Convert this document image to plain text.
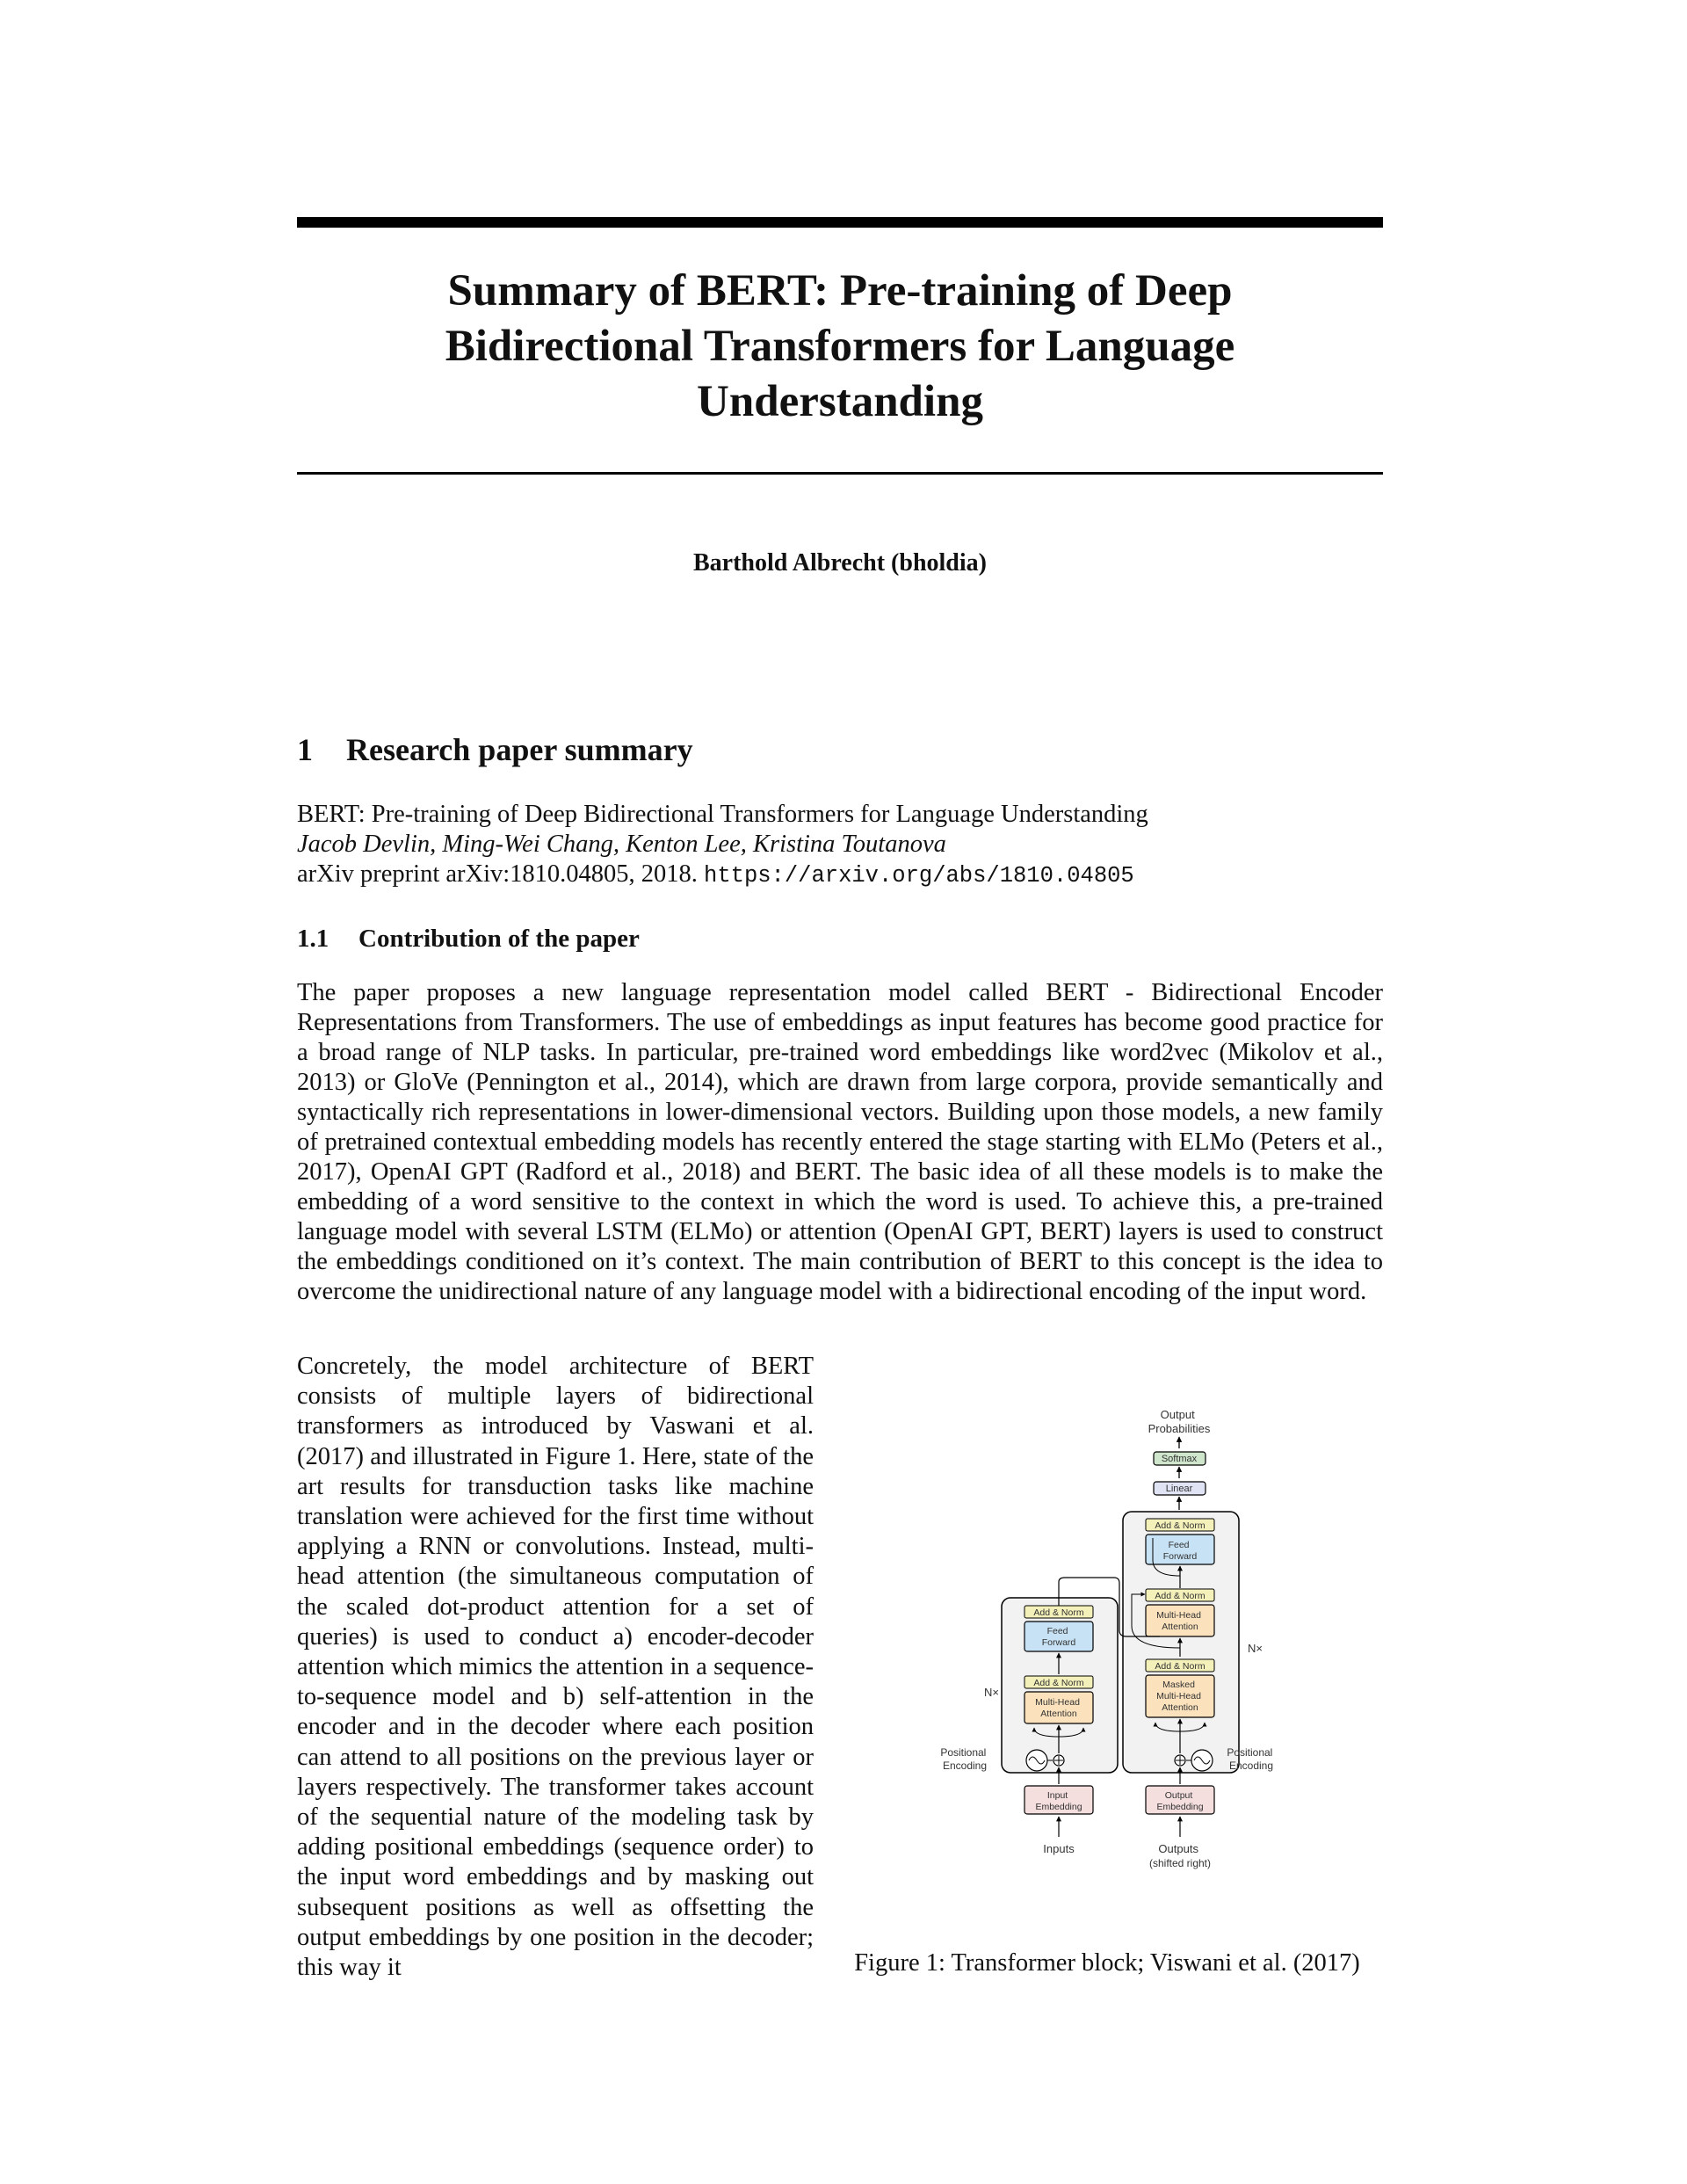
Summary of BERT: Pre-training of Deep
Bidirectional Transformers for Language
Understanding
Barthold Albrecht (bholdia)
1 Research paper summary
BERT: Pre-training of Deep Bidirectional Transformers for Language Understanding
Jacob Devlin, Ming-Wei Chang, Kenton Lee, Kristina Toutanova
arXiv preprint arXiv:1810.04805, 2018. https://arxiv.org/abs/1810.04805
1.1 Contribution of the paper
The paper proposes a new language representation model called BERT - Bidirectional Encoder Representations from Transformers. The use of embeddings as input features has become good practice for a broad range of NLP tasks. In particular, pre-trained word embeddings like word2vec (Mikolov et al., 2013) or GloVe (Pennington et al., 2014), which are drawn from large corpora, provide semantically and syntactically rich representations in lower-dimensional vectors. Building upon those models, a new family of pretrained contextual embedding models has recently entered the stage starting with ELMo (Peters et al., 2017), OpenAI GPT (Radford et al., 2018) and BERT. The basic idea of all these models is to make the embedding of a word sensitive to the context in which the word is used. To achieve this, a pre-trained language model with several LSTM (ELMo) or attention (OpenAI GPT, BERT) layers is used to construct the embeddings conditioned on it’s context. The main contribution of BERT to this concept is the idea to overcome the unidirectional nature of any language model with a bidirectional encoding of the input word.

Concretely, the model architecture of BERT consists of multiple layers of bidirectional transformers as introduced by Vaswani et al. (2017) and illustrated in Figure 1. Here, state of the art results for transduction tasks like machine translation were achieved for the first time without applying a RNN or convolutions. Instead, multi-head attention (the simultaneous computation of the scaled dot-product attention for a set of queries) is used to conduct a) encoder-decoder attention which mimics the attention in a sequence-to-sequence model and b) self-attention in the encoder and in the decoder where each position can attend to all positions on the previous layer or layers respectively. The transformer takes account of the sequential nature of the modeling task by adding positional embeddings (sequence order) to the input word embeddings and by masking out subsequent positions as well as offsetting the output embeddings by one position in the decoder; this way it

Output Probabilities
Softmax
Linear
Add & Norm
Feed Forward
Add & Norm
Multi-Head Attention
Add & Norm
Masked Multi-Head Attention
Add & Norm
Feed Forward
Add & Norm
Multi-Head Attention
N×
N×
Positional Encoding
Positional Encoding
Input Embedding
Output Embedding
Inputs	Outputs (shifted right)
Figure 1: Transformer block; Viswani et al. (2017)
